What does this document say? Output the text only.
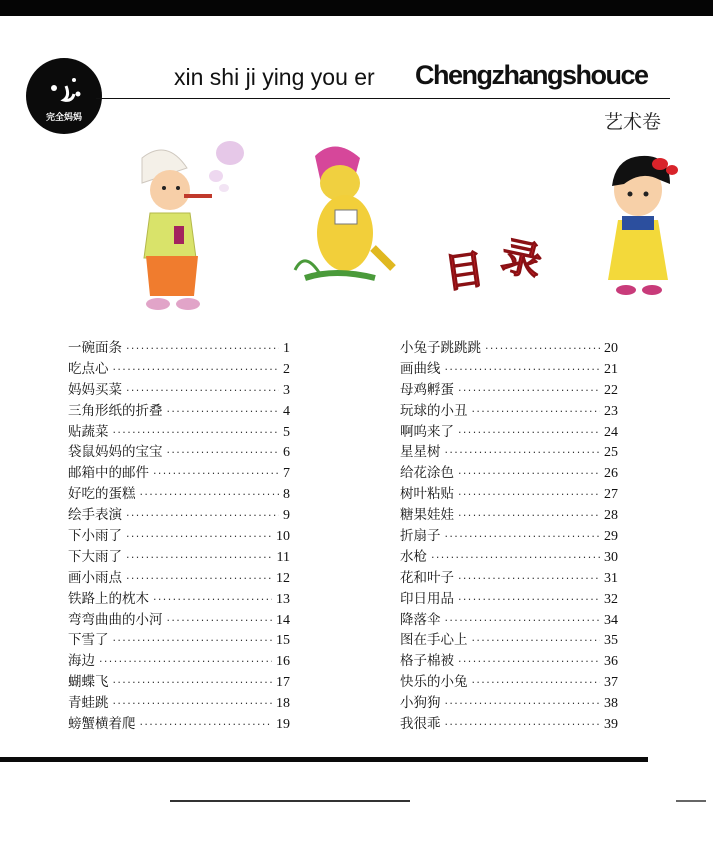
完全妈妈
xin shi ji ying you er Chengzhangshouce
艺术卷
目 录
一碗面条 ·····	1
吃点心 ·····	2
妈妈买菜 ·····	3
三角形纸的折叠 ·····	4
贴蔬菜 ·····	5
袋鼠妈妈的宝宝 ·····	6
邮箱中的邮件 ·····	7
好吃的蛋糕 ·····	8
绘手表演 ·····	9
下小雨了 ·····	10
下大雨了 ·····	11
画小雨点 ·····	12
铁路上的枕木 ·····	13
弯弯曲曲的小河 ·····	14
下雪了 ·····	15
海边 ·····	16
蝴蝶飞 ·····	17
青蛙跳 ·····	18
螃蟹横着爬 ·····	19
小兔子跳跳跳 ·····	20
画曲线 ·····	21
母鸡孵蛋 ·····	22
玩球的小丑 ·····	23
啊呜来了 ·····	24
星星树 ·····	25
给花涂色 ·····	26
树叶粘贴 ·····	27
糖果娃娃 ·····	28
折扇子 ·····	29
水枪 ·····	30
花和叶子 ·····	31
印日用品 ·····	32
降落伞 ·····	34
图在手心上 ·····	35
格子棉被 ·····	36
快乐的小兔 ·····	37
小狗狗 ·····	38
我很乖 ·····	39
